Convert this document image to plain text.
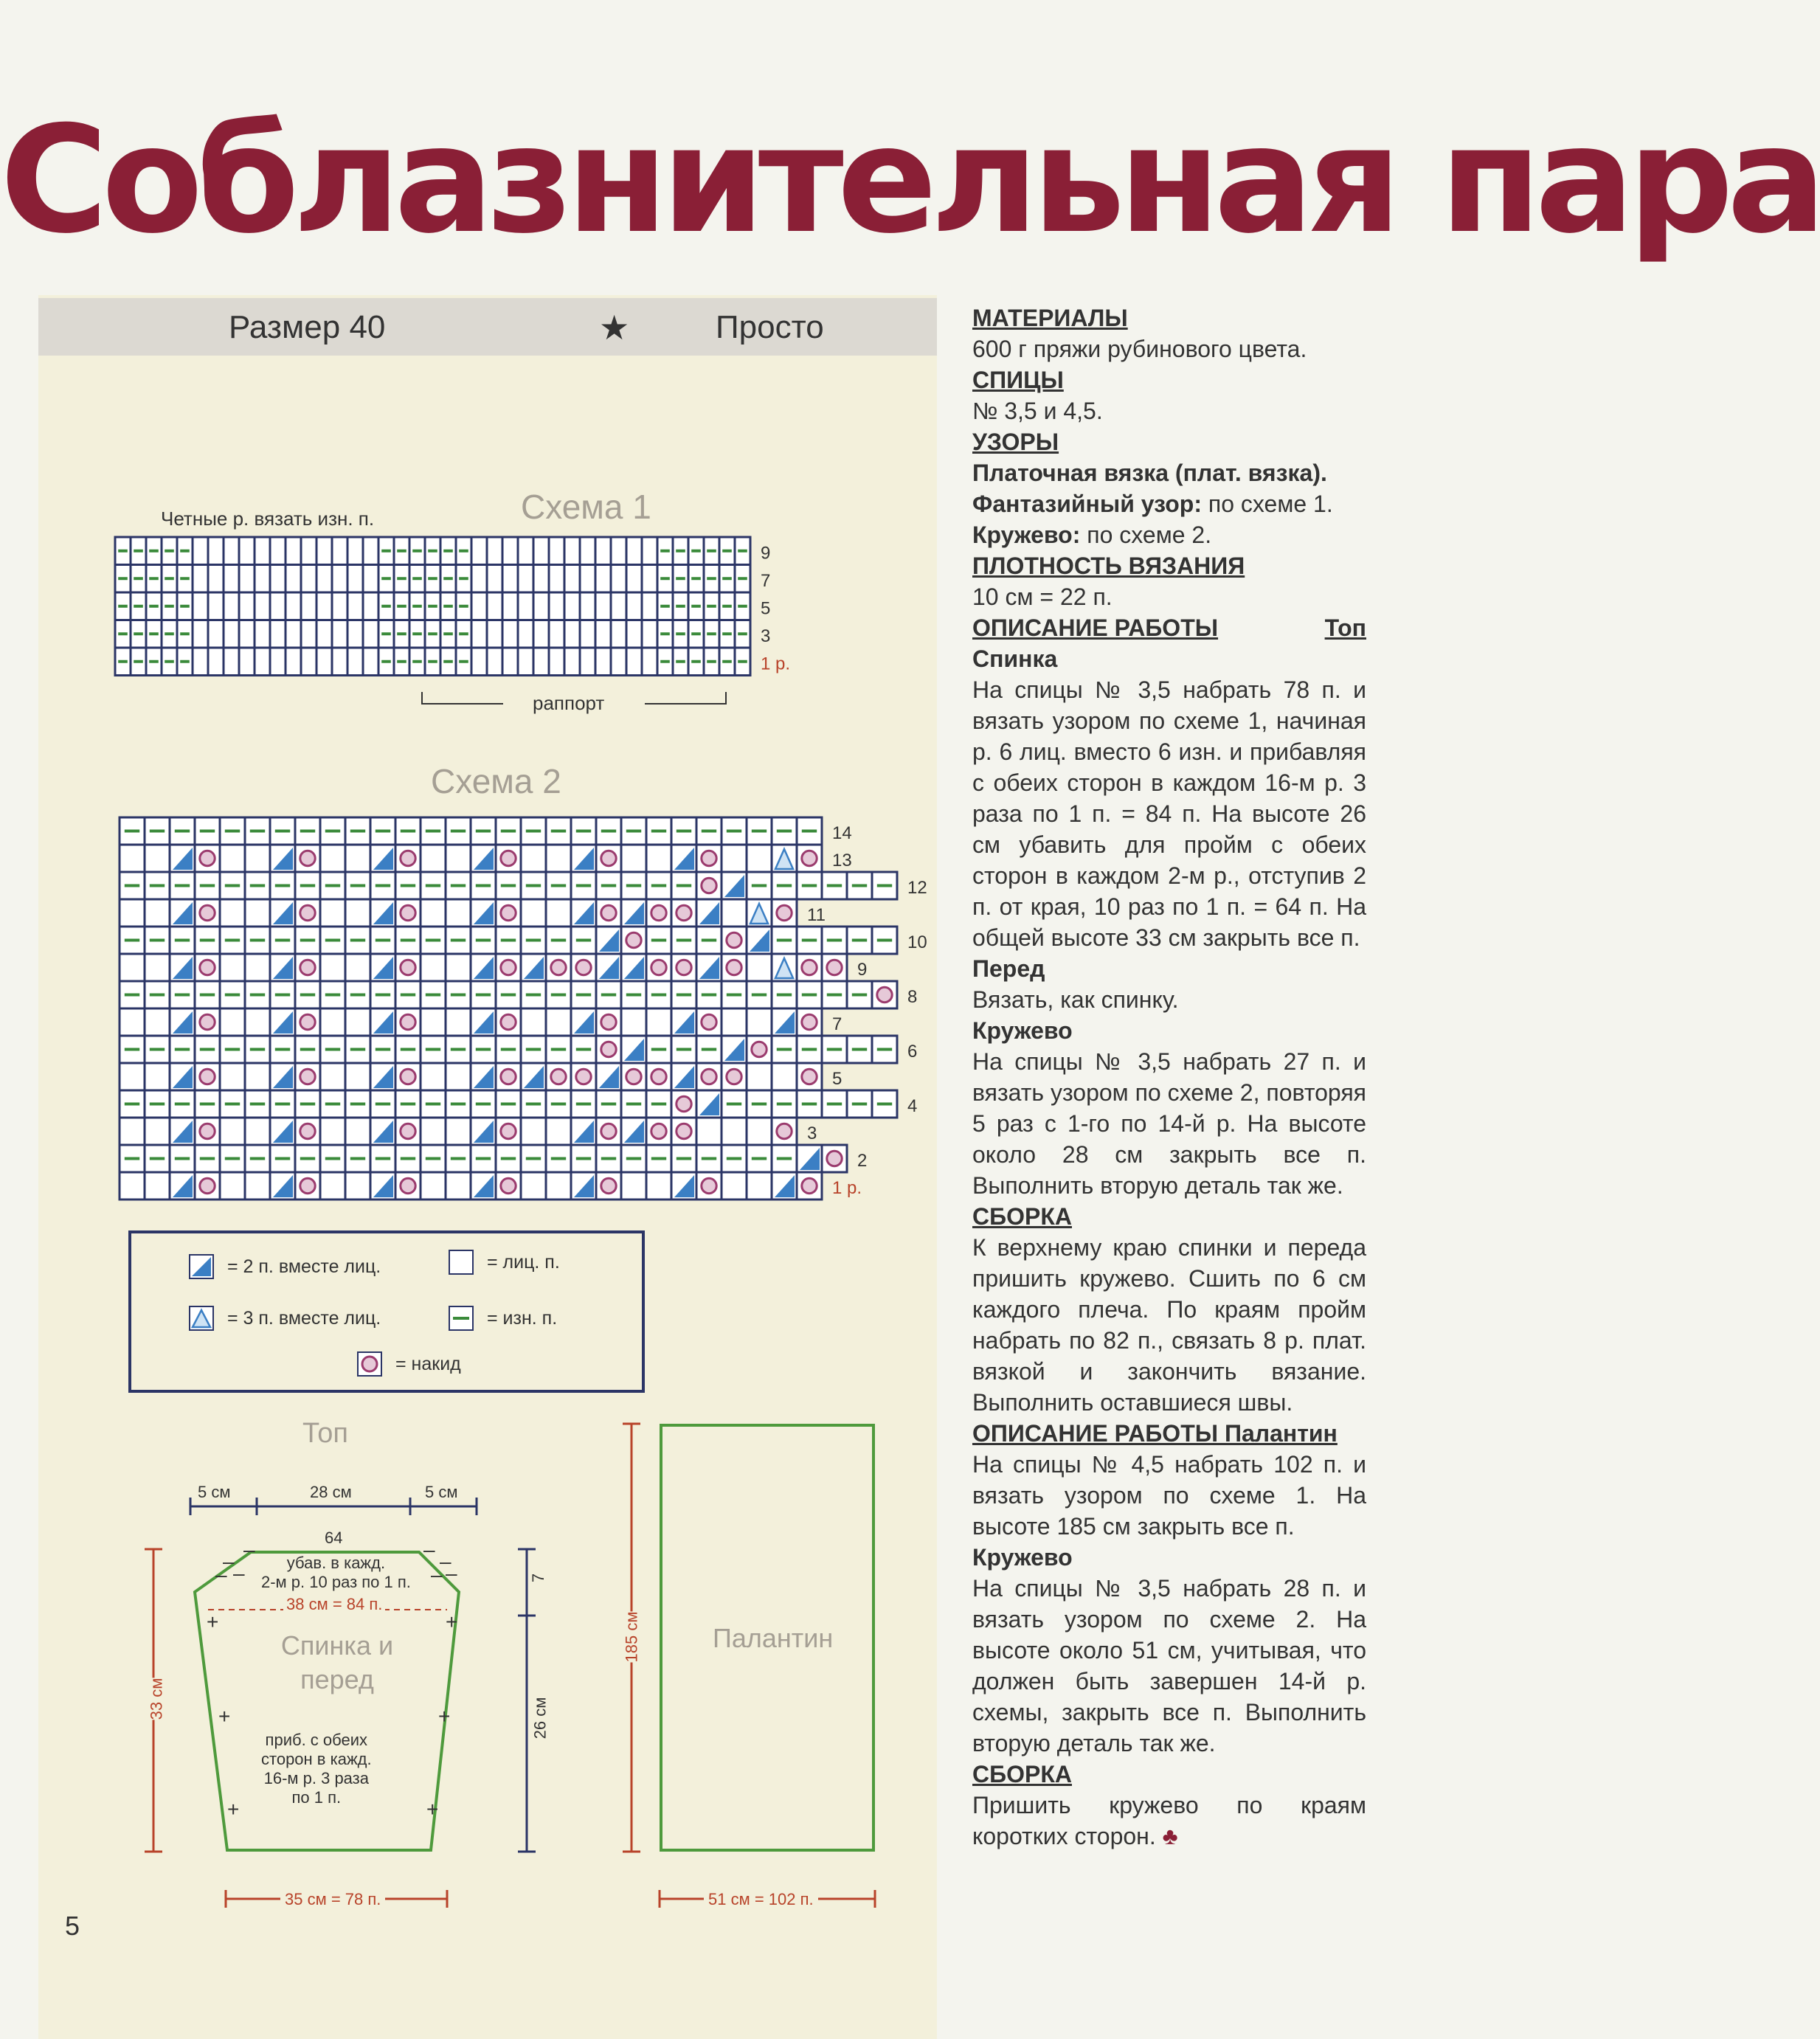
Соблазнительная пара
Размер 40	★	Просто
Схема 1
Четные р. вязать изн. п.
9
7
5
3
1 р.
раппорт
Схема 2
14
13
12
11
10
9
8
7
6
5
4
3
2
1 р.
= 2 п. вместе лиц.	= лиц. п.
= 3 п. вместе лиц.	= изн. п.
= накид
Топ
+	+
+	+
+	+
–
–
– –
–
–
– –
5 см	28 см	5 см
64
убав. в кажд.
2-м р. 10 раз по 1 п.
38 см = 84 п.
Спинка и
перед
приб. с обеих
сторон в кажд.
16-м р. 3 раза
по 1 п.
33 см
7
26 см
35 см = 78 п.
Палантин
185 см
51 см = 102 п.
5
МАТЕРИАЛЫ

600 г пряжи рубинового цвета.

СПИЦЫ

№ 3,5 и 4,5.

УЗОРЫ

Платочная вязка (плат. вязка).

Фантазийный узор: по схеме 1.

Кружево: по схеме 2.

ПЛОТНОСТЬ ВЯЗАНИЯ

10 см = 22 п.

ОПИСАНИЕ РАБОТЫ	Топ
Спинка

На спицы № 3,5 набрать 78 п. и вязать узором по схеме 1, начиная р. 6 лиц. вместо 6 изн. и прибавляя с обеих сторон в каждом 16-м р. 3 раза по 1 п. = 84 п. На высоте 26 см убавить для пройм с обеих сторон в каждом 2-м р., отступив 2 п. от края, 10 раз по 1 п. = 64 п. На общей высоте 33 см закрыть все п.

Перед

Вязать, как спинку.

Кружево

На спицы № 3,5 набрать 27 п. и вязать узором по схеме 2, повторяя 5 раз с 1-го по 14-й р. На высоте около 28 см закрыть все п. Выполнить вторую деталь так же.

СБОРКА

К верхнему краю спинки и переда пришить кружево. Сшить по 6 см каждого плеча. По краям пройм набрать по 82 п., связать 8 р. плат. вязкой и закончить вязание. Выполнить оставшиеся швы.

ОПИСАНИЕ РАБОТЫ Палантин

На спицы № 4,5 набрать 102 п. и вязать узором по схеме 1. На высоте 185 см закрыть все п.

Кружево

На спицы № 3,5 набрать 28 п. и вязать узором по схеме 2. На высоте около 51 см, учитывая, что должен быть завершен 14-й р. схемы, закрыть все п. Выполнить вторую деталь так же.

СБОРКА

Пришить кружево по краям коротких сторон. ♣
